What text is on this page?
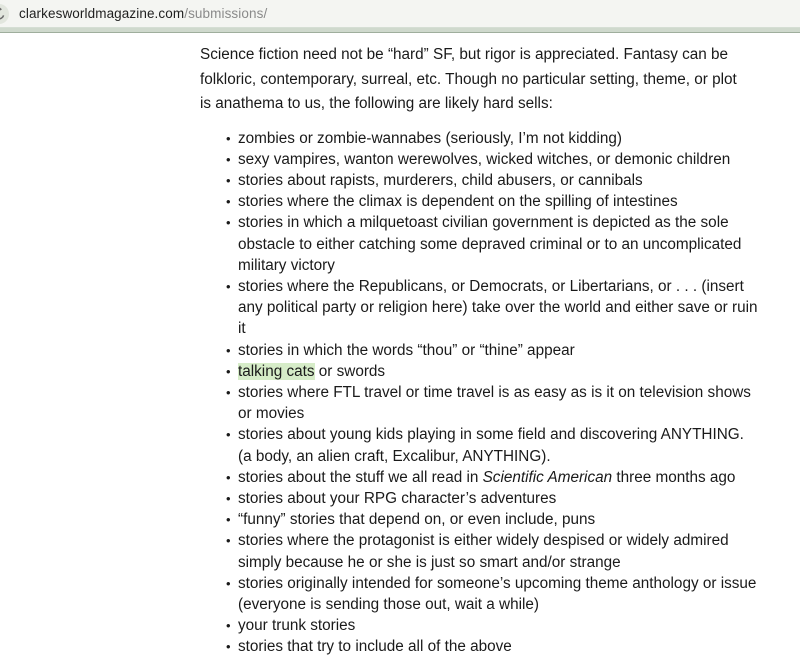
clarkesworldmagazine.com/submissions/

Science fiction need not be “hard” SF, but rigor is appreciated. Fantasy can be folkloric, contemporary, surreal, etc. Though no particular setting, theme, or plot is anathema to us, the following are likely hard sells:

• zombies or zombie-wannabes (seriously, I’m not kidding)
• sexy vampires, wanton werewolves, wicked witches, or demonic children
• stories about rapists, murderers, child abusers, or cannibals
• stories where the climax is dependent on the spilling of intestines
• stories in which a milquetoast civilian government is depicted as the sole obstacle to either catching some depraved criminal or to an uncomplicated military victory
• stories where the Republicans, or Democrats, or Libertarians, or . . . (insert any political party or religion here) take over the world and either save or ruin it
• stories in which the words “thou” or “thine” appear
• talking cats or swords
• stories where FTL travel or time travel is as easy as is it on television shows or movies
• stories about young kids playing in some field and discovering ANYTHING. (a body, an alien craft, Excalibur, ANYTHING).
• stories about the stuff we all read in Scientific American three months ago
• stories about your RPG character’s adventures
• “funny” stories that depend on, or even include, puns
• stories where the protagonist is either widely despised or widely admired simply because he or she is just so smart and/or strange
• stories originally intended for someone’s upcoming theme anthology or issue (everyone is sending those out, wait a while)
• your trunk stories
• stories that try to include all of the above
